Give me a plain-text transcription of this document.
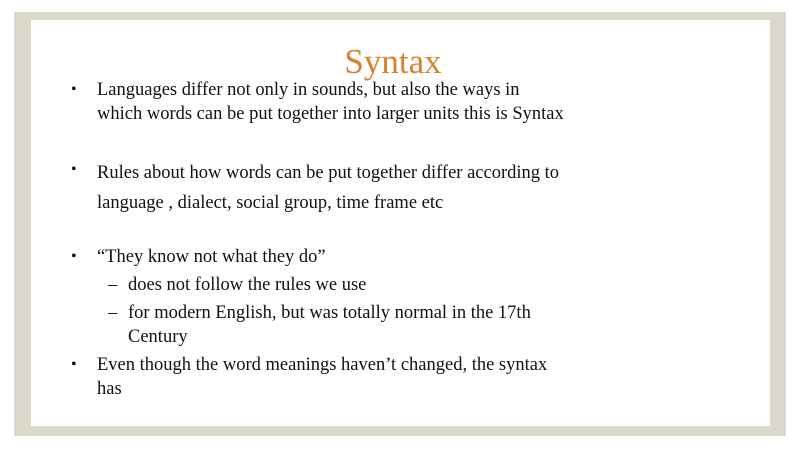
Syntax
• Languages differ not only in sounds, but also the ways in
which words can be put together into larger units this is Syntax
• Rules about how words can be put together differ according to
language , dialect, social group, time frame etc
• “They know not what they do”
– does not follow the rules we use
– for modern English, but was totally normal in the 17th
Century
• Even though the word meanings haven’t changed, the syntax
has
